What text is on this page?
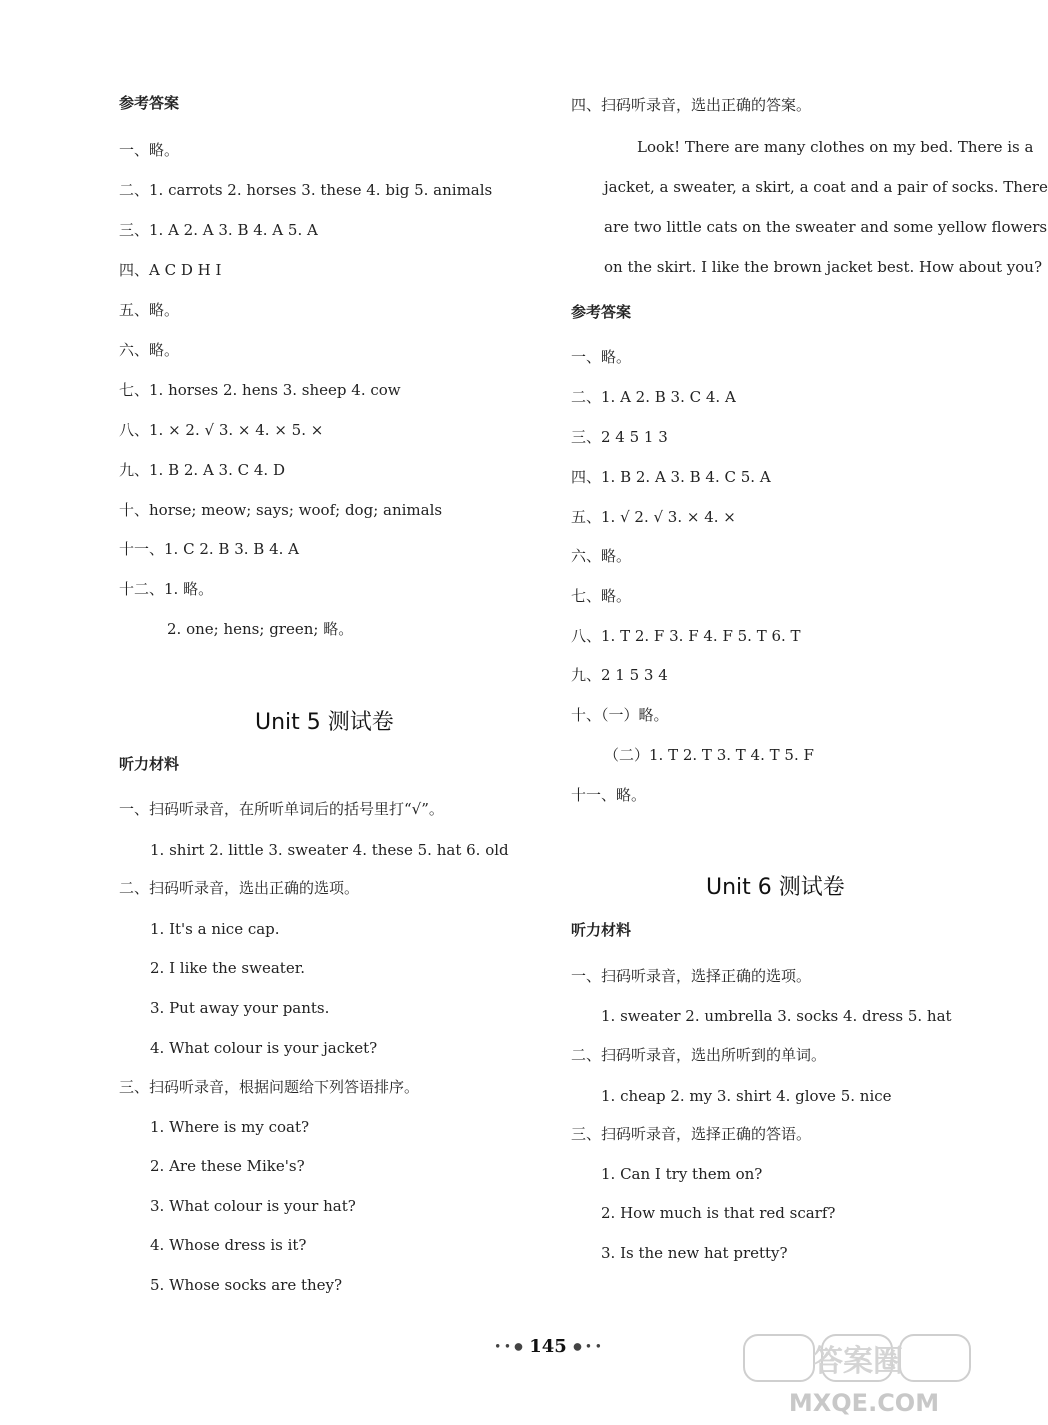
参考答案
一、略。
二、1. carrots 2. horses 3. these 4. big 5. animals
三、1. A 2. A 3. B 4. A 5. A
四、A C D H I
五、略。
六、略。
七、1. horses 2. hens 3. sheep 4. cow
八、1. × 2. √ 3. × 4. × 5. ×
九、1. B 2. A 3. C 4. D
十、horse; meow; says; woof; dog; animals
十一、1. C 2. B 3. B 4. A
十二、1. 略。
2. one; hens; green; 略。
Unit 5 测试卷
听力材料
一、扫码听录音，在所听单词后的括号里打“√”。
1. shirt 2. little 3. sweater 4. these 5. hat 6. old
二、扫码听录音，选出正确的选项。
1. It's a nice cap.
2. I like the sweater.
3. Put away your pants.
4. What colour is your jacket?
三、扫码听录音，根据问题给下列答语排序。
1. Where is my coat?
2. Are these Mike's?
3. What colour is your hat?
4. Whose dress is it?
5. Whose socks are they?
四、扫码听录音，选出正确的答案。
Look! There are many clothes on my bed. There is a
jacket, a sweater, a skirt, a coat and a pair of socks. There
are two little cats on the sweater and some yellow flowers
on the skirt. I like the brown jacket best. How about you?
参考答案
一、略。
二、1. A 2. B 3. C 4. A
三、2 4 5 1 3
四、1. B 2. A 3. B 4. C 5. A
五、1. √ 2. √ 3. × 4. ×
六、略。
七、略。
八、1. T 2. F 3. F 4. F 5. T 6. T
九、2 1 5 3 4
十、（一）略。
（二）1. T 2. T 3. T 4. T 5. F
十一、略。
Unit 6 测试卷
听力材料
一、扫码听录音，选择正确的选项。
1. sweater 2. umbrella 3. socks 4. dress 5. hat
二、扫码听录音，选出所听到的单词。
1. cheap 2. my 3. shirt 4. glove 5. nice
三、扫码听录音，选择正确的答语。
1. Can I try them on?
2. How much is that red scarf?
3. Is the new hat pretty?
• • ● 145 ● • •	答案圈
MXQE.COM
